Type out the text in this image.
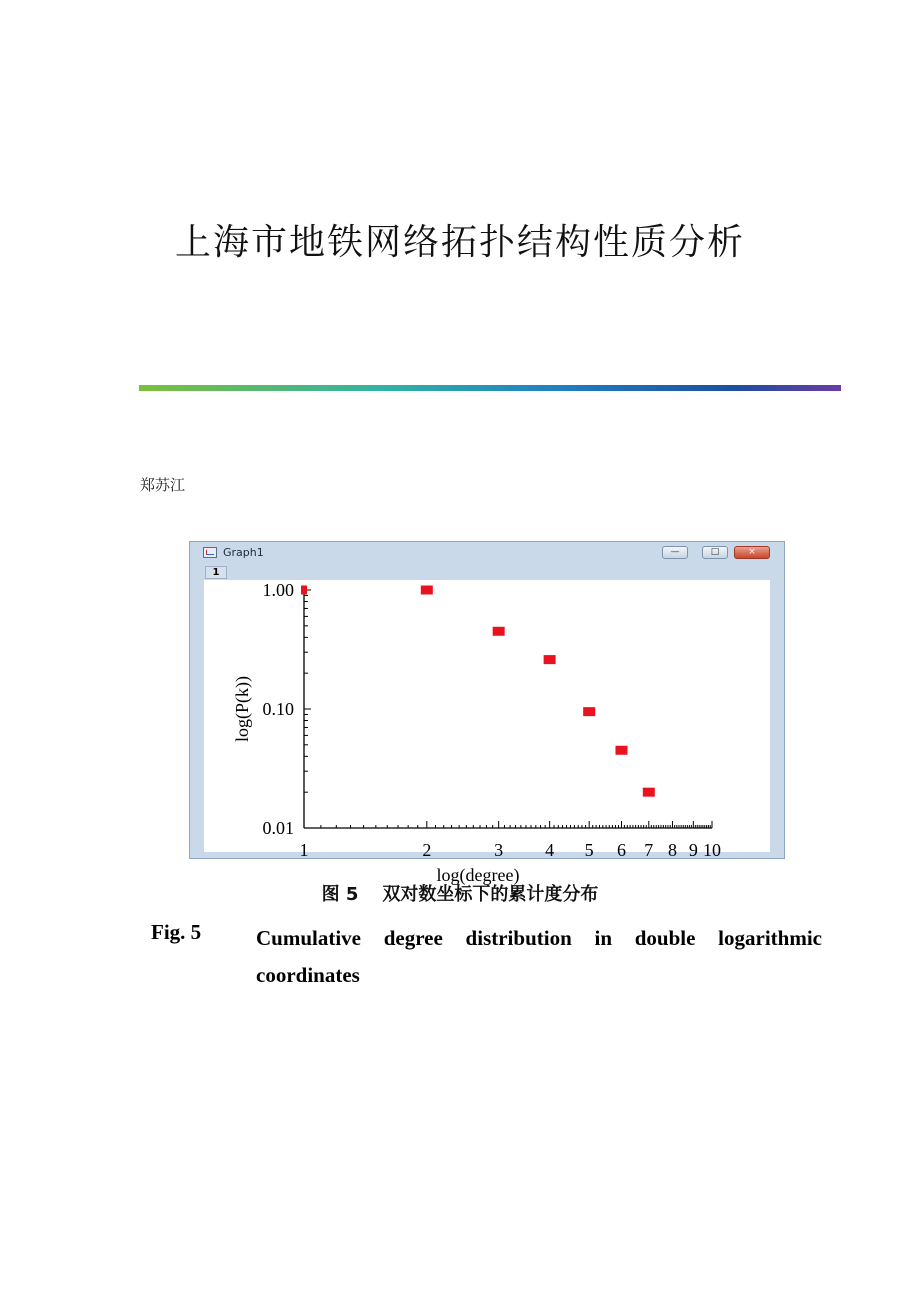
上海市地铁网络拓扑结构性质分析
郑苏江
Graph1	—	□	×
1
0.01
0.10
1.00
1	2	3 4 5 6 7 8 9 10
log(degree)
log(P(k))
图 5 双对数坐标下的累计度分布
Fig. 5	Cumulative degree distribution in double logarithmic coordinates
